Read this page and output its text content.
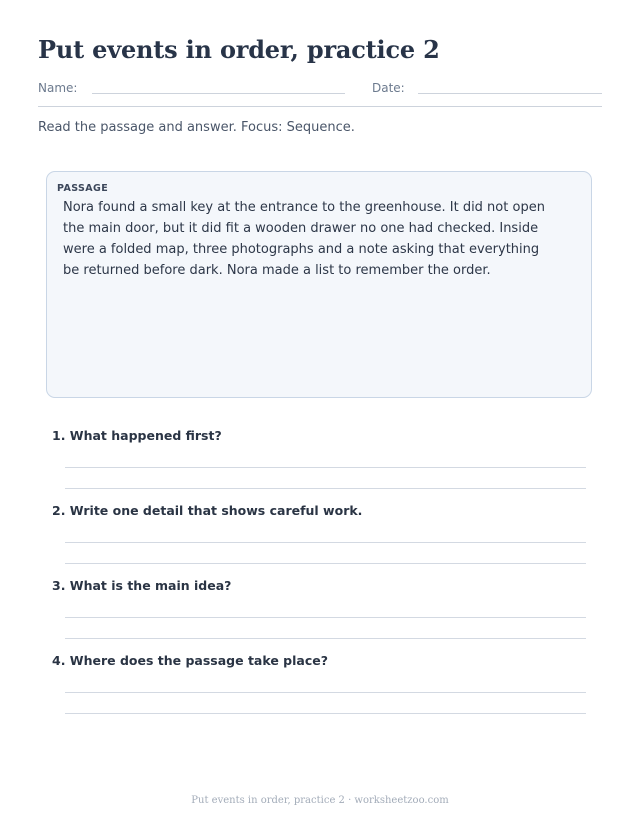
Put events in order, practice 2
Name:	Date:

Read the passage and answer. Focus: Sequence.

PASSAGE

Nora found a small key at the entrance to the greenhouse. It did not open the main door, but it did fit a wooden drawer no one had checked. Inside were a folded map, three photographs and a note asking that everything be returned before dark. Nora made a list to remember the order.

1. What happened first?

2. Write one detail that shows careful work.

3. What is the main idea?

4. Where does the passage take place?

Put events in order, practice 2 · worksheetzoo.com
